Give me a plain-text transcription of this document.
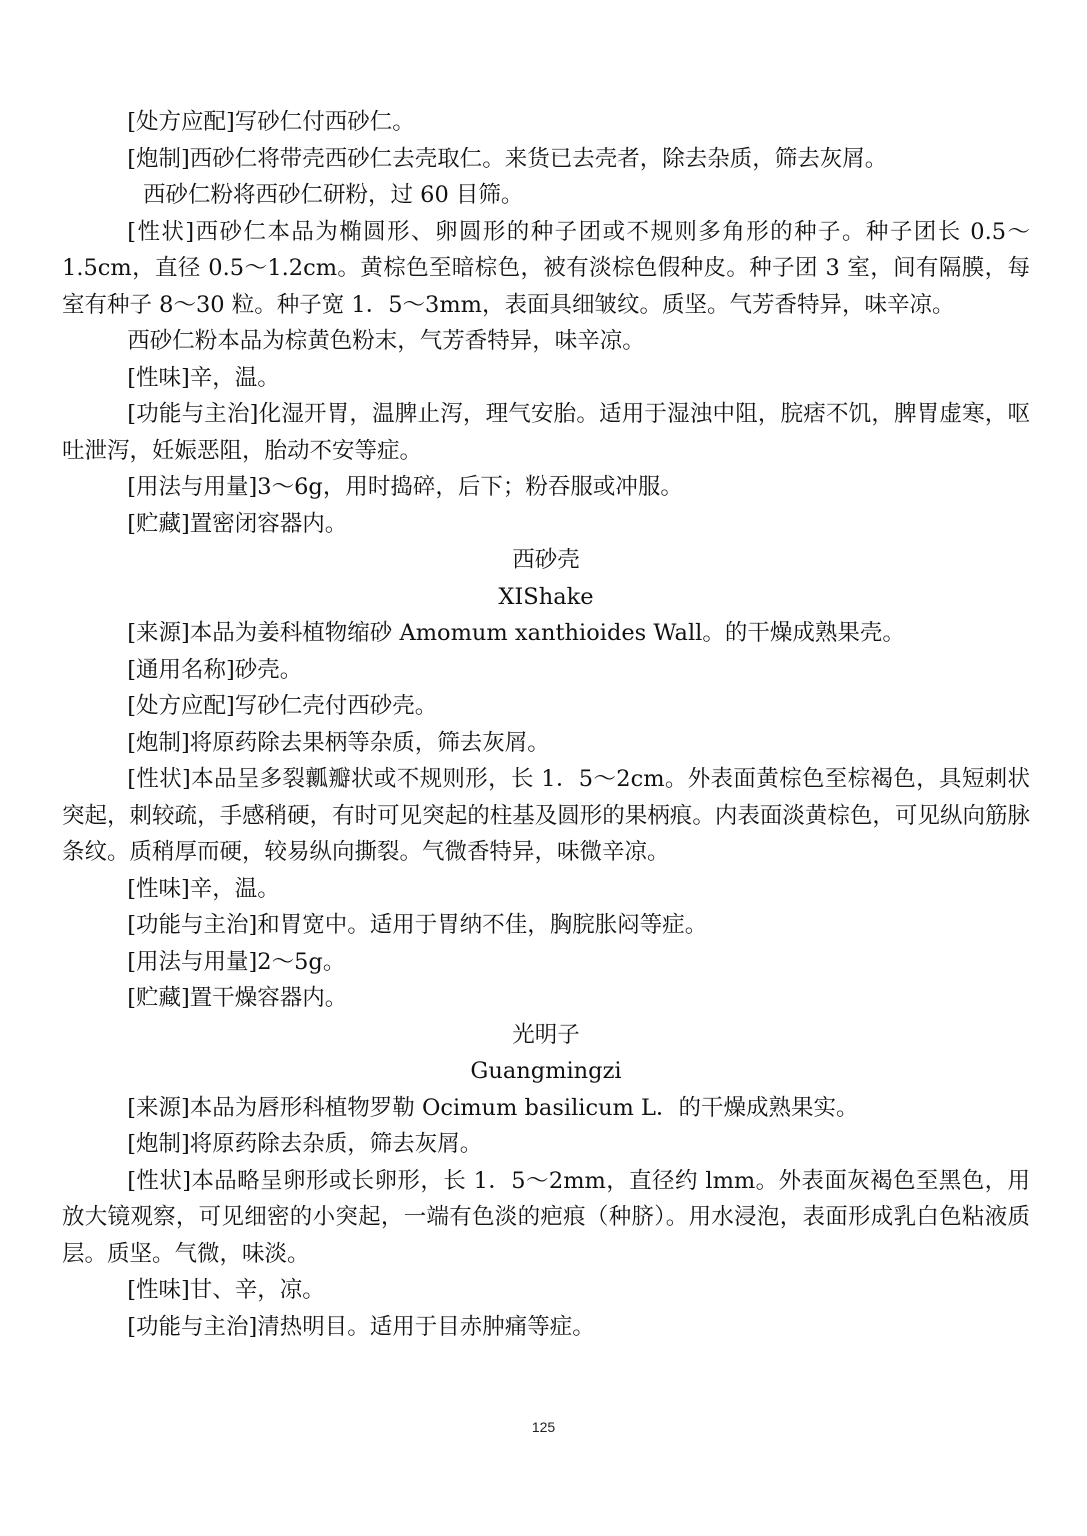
[处方应配]写砂仁付西砂仁。

[炮制]西砂仁将带壳西砂仁去壳取仁。来货已去壳者，除去杂质，筛去灰屑。

西砂仁粉将西砂仁研粉，过 60 目筛。

[性状]西砂仁本品为椭圆形、卵圆形的种子团或不规则多角形的种子。种子团长 0.5～1.5cm，直径 0.5～1.2cm。黄棕色至暗棕色，被有淡棕色假种皮。种子团 3 室，间有隔膜，每室有种子 8～30 粒。种子宽 1．5～3mm，表面具细皱纹。质坚。气芳香特异，味辛凉。

西砂仁粉本品为棕黄色粉末，气芳香特异，味辛凉。

[性味]辛，温。

[功能与主治]化湿开胃，温脾止泻，理气安胎。适用于湿浊中阻，脘痞不饥，脾胃虚寒，呕吐泄泻，妊娠恶阻，胎动不安等症。

[用法与用量]3～6g，用时捣碎，后下；粉吞服或冲服。

[贮藏]置密闭容器内。

西砂壳

XIShake

[来源]本品为姜科植物缩砂 Amomum xanthioides Wall。的干燥成熟果壳。

[通用名称]砂壳。

[处方应配]写砂仁壳付西砂壳。

[炮制]将原药除去果柄等杂质，筛去灰屑。

[性状]本品呈多裂瓤瓣状或不规则形，长 1．5～2cm。外表面黄棕色至棕褐色，具短刺状突起，刺较疏，手感稍硬，有时可见突起的柱基及圆形的果柄痕。内表面淡黄棕色，可见纵向筋脉条纹。质稍厚而硬，较易纵向撕裂。气微香特异，味微辛凉。

[性味]辛，温。

[功能与主治]和胃宽中。适用于胃纳不佳，胸脘胀闷等症。

[用法与用量]2～5g。

[贮藏]置干燥容器内。

光明子

Guangmingzi

[来源]本品为唇形科植物罗勒 Ocimum basilicum L．的干燥成熟果实。

[炮制]将原药除去杂质，筛去灰屑。

[性状]本品略呈卵形或长卵形，长 1．5～2mm，直径约 lmm。外表面灰褐色至黑色，用放大镜观察，可见细密的小突起，一端有色淡的疤痕（种脐）。用水浸泡，表面形成乳白色粘液质层。质坚。气微，味淡。

[性味]甘、辛，凉。

[功能与主治]清热明目。适用于目赤肿痛等症。

125
